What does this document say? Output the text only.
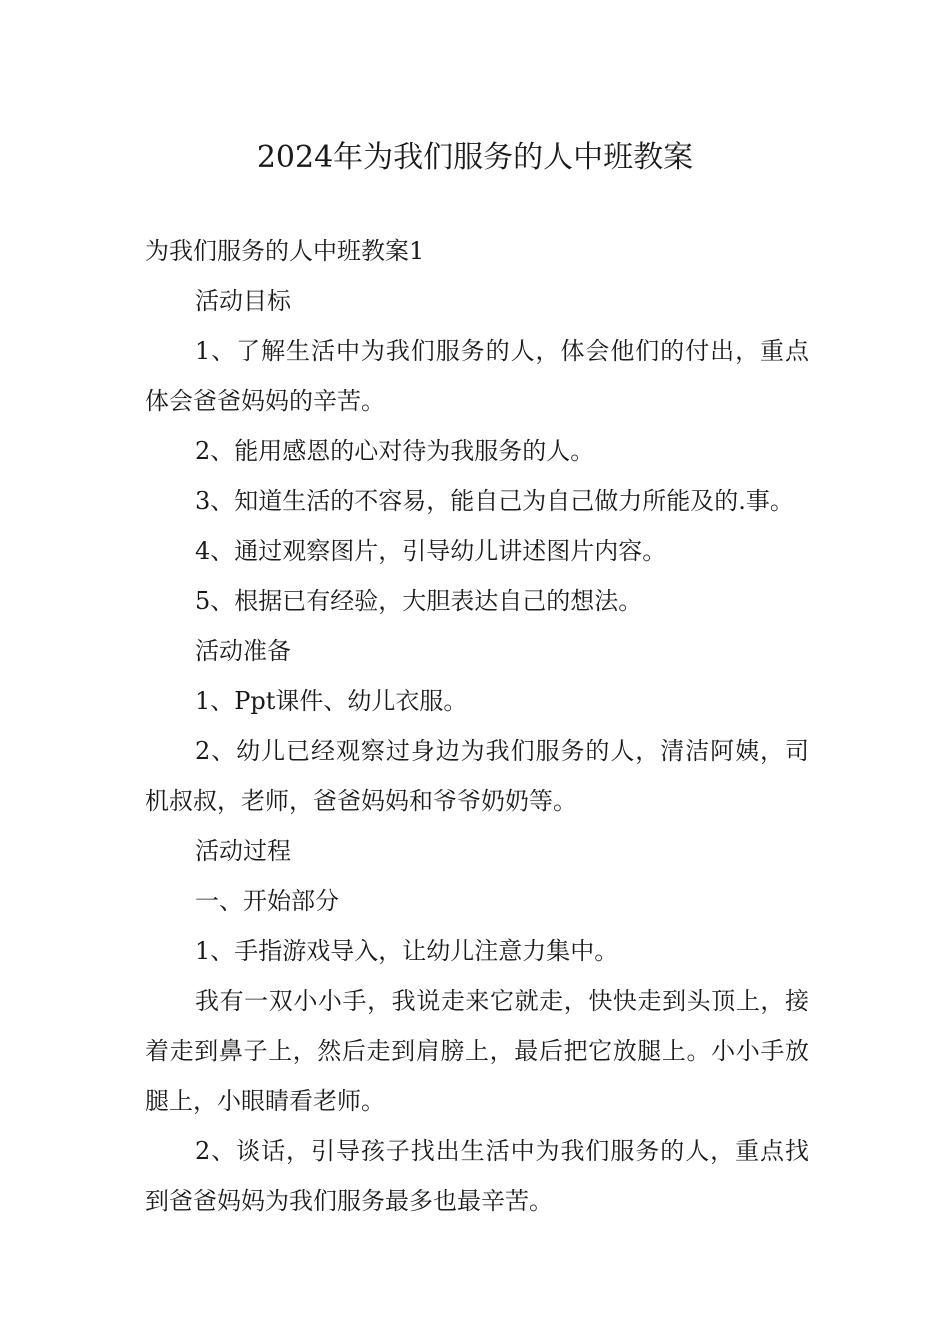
2024年为我们服务的人中班教案

为我们服务的人中班教案1

活动目标

1、了解生活中为我们服务的人，体会他们的付出，重点体会爸爸妈妈的辛苦。

2、能用感恩的心对待为我服务的人。

3、知道生活的不容易，能自己为自己做力所能及的.事。

4、通过观察图片，引导幼儿讲述图片内容。

5、根据已有经验，大胆表达自己的想法。

活动准备

1、Ppt课件、幼儿衣服。

2、幼儿已经观察过身边为我们服务的人，清洁阿姨，司机叔叔，老师，爸爸妈妈和爷爷奶奶等。

活动过程

一、开始部分

1、手指游戏导入，让幼儿注意力集中。

我有一双小小手，我说走来它就走，快快走到头顶上，接着走到鼻子上，然后走到肩膀上，最后把它放腿上。小小手放腿上，小眼睛看老师。

2、谈话，引导孩子找出生活中为我们服务的人，重点找到爸爸妈妈为我们服务最多也最辛苦。
